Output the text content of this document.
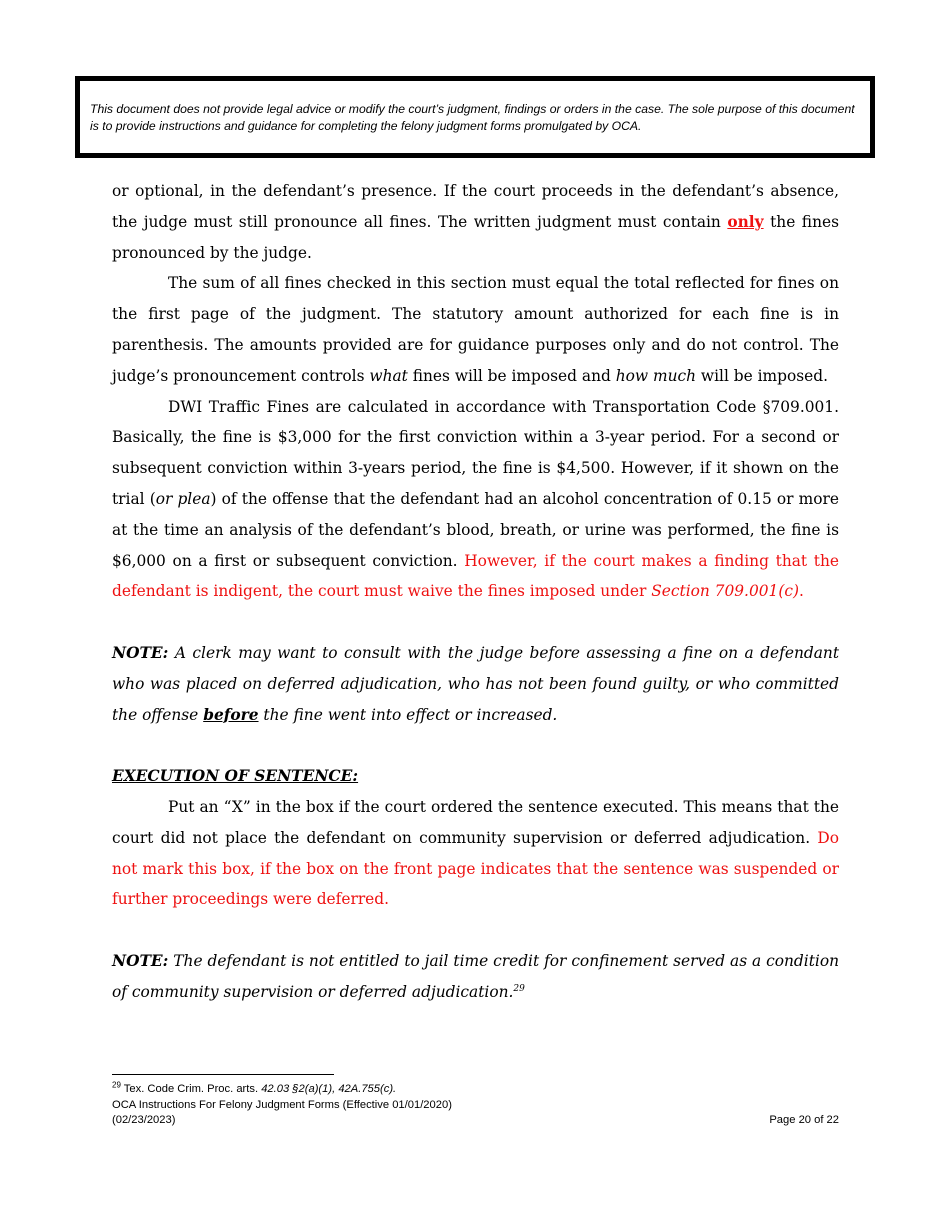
This document does not provide legal advice or modify the court’s judgment, findings or orders in the case. The sole purpose of this document is to provide instructions and guidance for completing the felony judgment forms promulgated by OCA.

or optional, in the defendant’s presence. If the court proceeds in the defendant’s absence, the judge must still pronounce all fines. The written judgment must contain only the fines pronounced by the judge.

The sum of all fines checked in this section must equal the total reflected for fines on the first page of the judgment. The statutory amount authorized for each fine is in parenthesis. The amounts provided are for guidance purposes only and do not control. The judge’s pronouncement controls what fines will be imposed and how much will be imposed.

DWI Traffic Fines are calculated in accordance with Transportation Code §709.001. Basically, the fine is $3,000 for the first conviction within a 3-year period. For a second or subsequent conviction within 3-years period, the fine is $4,500. However, if it shown on the trial (or plea) of the offense that the defendant had an alcohol concentration of 0.15 or more at the time an analysis of the defendant’s blood, breath, or urine was performed, the fine is $6,000 on a first or subsequent conviction. However, if the court makes a finding that the defendant is indigent, the court must waive the fines imposed under Section 709.001(c).

NOTE: A clerk may want to consult with the judge before assessing a fine on a defendant who was placed on deferred adjudication, who has not been found guilty, or who committed the offense before the fine went into effect or increased.

EXECUTION OF SENTENCE:

Put an “X” in the box if the court ordered the sentence executed. This means that the court did not place the defendant on community supervision or deferred adjudication. Do not mark this box, if the box on the front page indicates that the sentence was suspended or further proceedings were deferred.

NOTE: The defendant is not entitled to jail time credit for confinement served as a condition of community supervision or deferred adjudication.$^{29}$

$^{29}$ Tex. Code Crim. Proc. arts. 42.03 §2(a)(1), 42A.755(c).
OCA Instructions For Felony Judgment Forms (Effective 01/01/2020)
(02/23/2023)	Page 20 of 22
